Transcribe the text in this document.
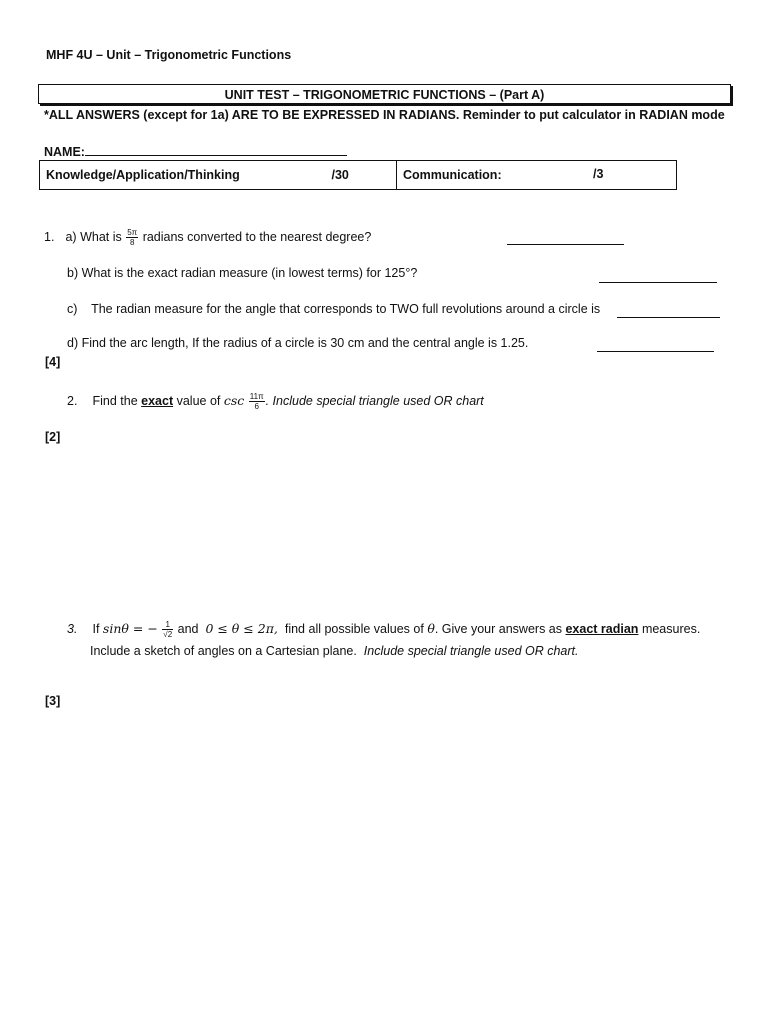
MHF 4U – Unit – Trigonometric Functions
UNIT TEST – TRIGONOMETRIC FUNCTIONS – (Part A)
*ALL ANSWERS (except for 1a) ARE TO BE EXPRESSED IN RADIANS. Reminder to put calculator in RADIAN mode
NAME:
Knowledge/Application/Thinking	/30	Communication:	/3
1. a) What is $\frac{5\pi}{8}$ radians converted to the nearest degree?
b) What is the exact radian measure (in lowest terms) for 125°?
c) The radian measure for the angle that corresponds to TWO full revolutions around a circle is
d) Find the arc length, If the radius of a circle is 30 cm and the central angle is 1.25.
[4]
2. Find the exact value of $\csc \frac{11\pi}{6}$ . Include special triangle used OR chart
[2]
3. If sinθ = − $\frac{1}{√2}$ and 0 ≤ θ ≤ 2π, find all possible values of θ. Give your answers as exact radian measures.
Include a sketch of angles on a Cartesian plane. Include special triangle used OR chart.
[3]
